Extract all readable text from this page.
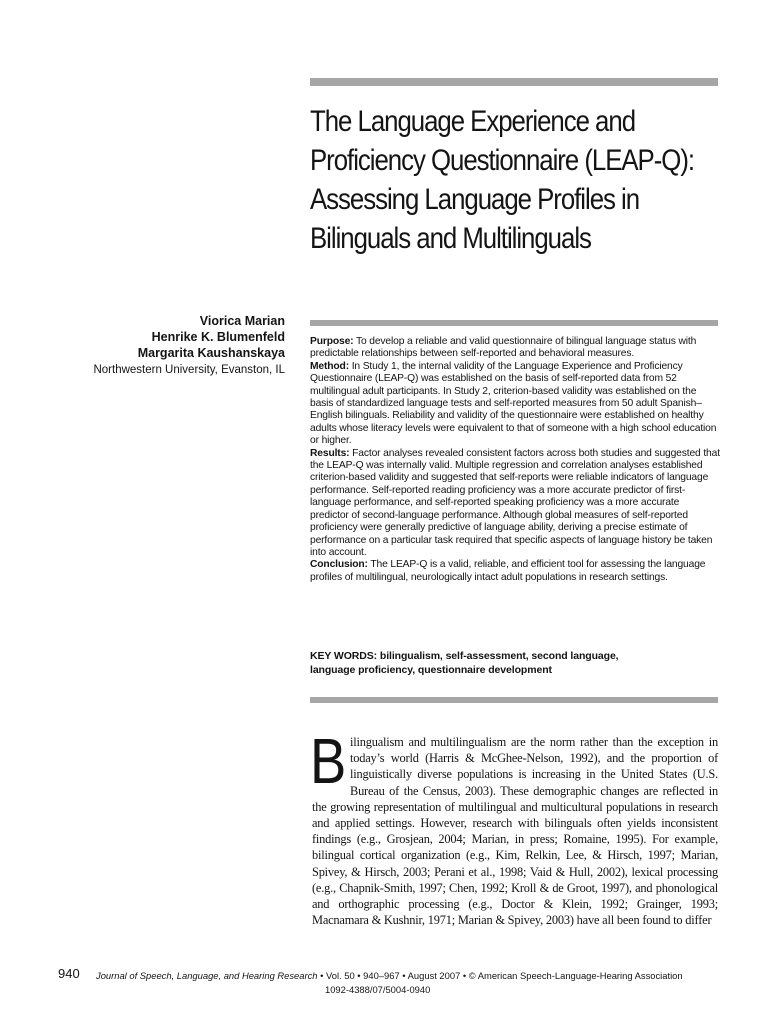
The Language Experience and
Proficiency Questionnaire (LEAP-Q):
Assessing Language Profiles in
Bilinguals and Multilinguals
Viorica Marian
Henrike K. Blumenfeld
Margarita Kaushanskaya
Northwestern University, Evanston, IL

Purpose: To develop a reliable and valid questionnaire of bilingual language status with predictable relationships between self-reported and behavioral measures.

Method: In Study 1, the internal validity of the Language Experience and Proficiency Questionnaire (LEAP-Q) was established on the basis of self-reported data from 52 multilingual adult participants. In Study 2, criterion-based validity was established on the basis of standardized language tests and self-reported measures from 50 adult Spanish–English bilinguals. Reliability and validity of the questionnaire were established on healthy adults whose literacy levels were equivalent to that of someone with a high school education or higher.

Results: Factor analyses revealed consistent factors across both studies and suggested that the LEAP-Q was internally valid. Multiple regression and correlation analyses established criterion-based validity and suggested that self-reports were reliable indicators of language performance. Self-reported reading proficiency was a more accurate predictor of first-language performance, and self-reported speaking proficiency was a more accurate predictor of second-language performance. Although global measures of self-reported proficiency were generally predictive of language ability, deriving a precise estimate of performance on a particular task required that specific aspects of language history be taken into account.

Conclusion: The LEAP-Q is a valid, reliable, and efficient tool for assessing the language profiles of multilingual, neurologically intact adult populations in research settings.

KEY WORDS: bilingualism, self-assessment, second language,
language proficiency, questionnaire development
B ilingualism and multilingualism are the norm rather than the exception in today’s world (Harris & McGhee-Nelson, 1992), and the proportion of linguistically diverse populations is increasing in the United States (U.S. Bureau of the Census, 2003). These demographic changes are reflected in the growing representation of multilingual and multicultural populations in research and applied settings. However, research with bilinguals often yields inconsistent findings (e.g., Grosjean, 2004; Marian, in press; Romaine, 1995). For example, bilingual cortical organization (e.g., Kim, Relkin, Lee, & Hirsch, 1997; Marian, Spivey, & Hirsch, 2003; Perani et al., 1998; Vaid & Hull, 2002), lexical processing (e.g., Chapnik-Smith, 1997; Chen, 1992; Kroll & de Groot, 1997), and phonological and orthographic processing (e.g., Doctor & Klein, 1992; Grainger, 1993; Macnamara & Kushnir, 1971; Marian & Spivey, 2003) have all been found to differ

940 Journal of Speech, Language, and Hearing Research • Vol. 50 • 940–967 • August 2007 • © American Speech-Language-Hearing Association
1092-4388/07/5004-0940
